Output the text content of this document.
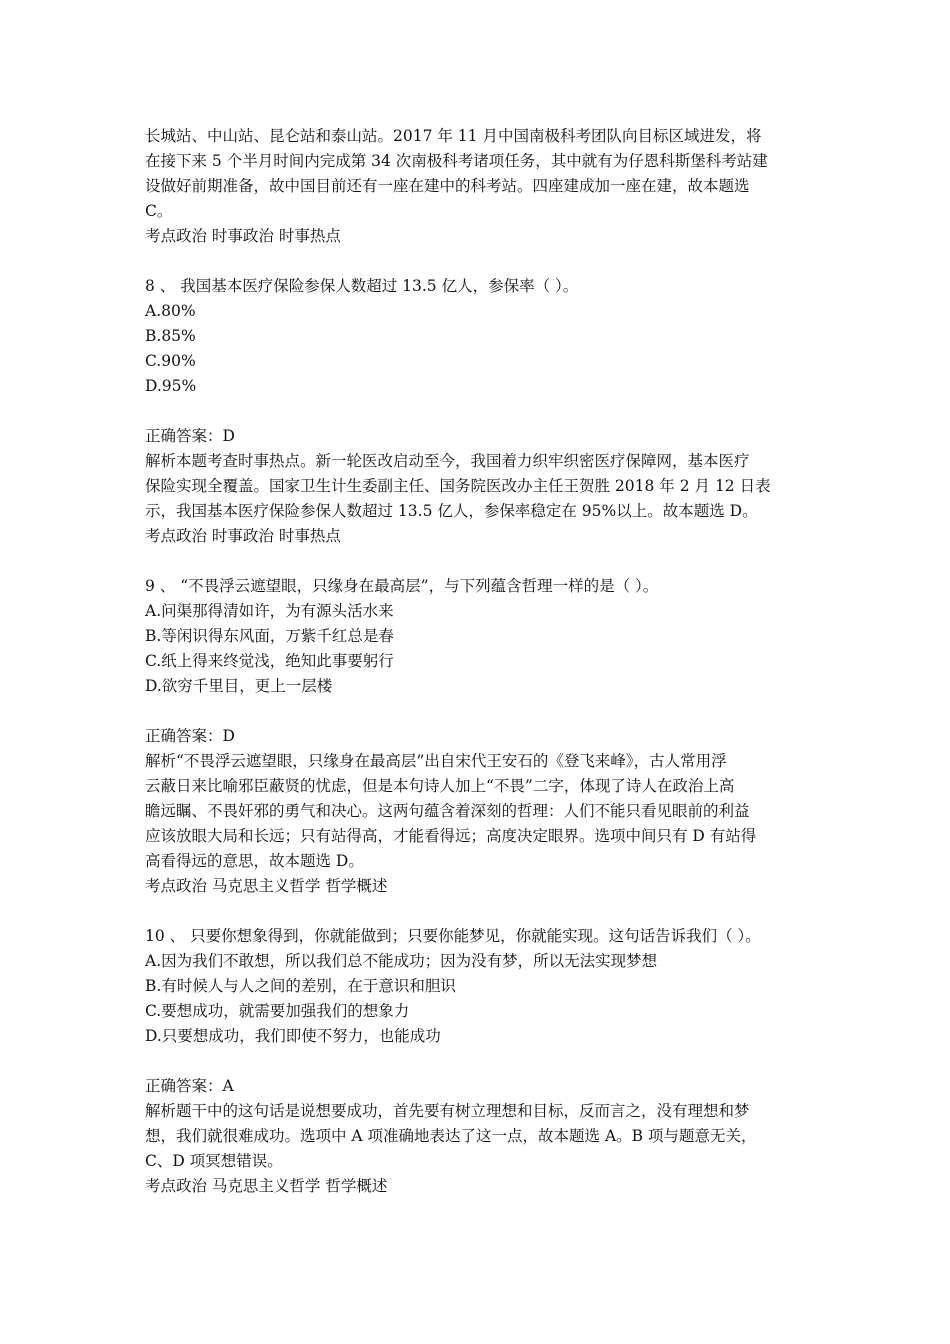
长城站、中山站、昆仑站和泰山站。2017 年 11 月中国南极科考团队向目标区域进发，将
在接下来 5 个半月时间内完成第 34 次南极科考诸项任务，其中就有为仔恩科斯堡科考站建
设做好前期准备，故中国目前还有一座在建中的科考站。四座建成加一座在建，故本题选
C。
考点政治 时事政治 时事热点
8 、 我国基本医疗保险参保人数超过 13.5 亿人，参保率（ ）。
A.80%
B.85%
C.90%
D.95%
正确答案：D
解析本题考查时事热点。新一轮医改启动至今，我国着力织牢织密医疗保障网，基本医疗
保险实现全覆盖。国家卫生计生委副主任、国务院医改办主任王贺胜 2018 年 2 月 12 日表
示，我国基本医疗保险参保人数超过 13.5 亿人，参保率稳定在 95%以上。故本题选 D。
考点政治 时事政治 时事热点
9 、 “不畏浮云遮望眼，只缘身在最高层”，与下列蕴含哲理一样的是（ ）。
A.问渠那得清如许，为有源头活水来
B.等闲识得东风面，万紫千红总是春
C.纸上得来终觉浅，绝知此事要躬行
D.欲穷千里目，更上一层楼
正确答案：D
解析“不畏浮云遮望眼，只缘身在最高层”出自宋代王安石的《登飞来峰》，古人常用浮
云蔽日来比喻邪臣蔽贤的忧虑，但是本句诗人加上“不畏”二字，体现了诗人在政治上高
瞻远瞩、不畏奸邪的勇气和决心。这两句蕴含着深刻的哲理：人们不能只看见眼前的利益
应该放眼大局和长远；只有站得高，才能看得远；高度决定眼界。选项中间只有 D 有站得
高看得远的意思，故本题选 D。
考点政治 马克思主义哲学 哲学概述
10 、 只要你想象得到，你就能做到；只要你能梦见，你就能实现。这句话告诉我们（ ）。
A.因为我们不敢想，所以我们总不能成功；因为没有梦，所以无法实现梦想
B.有时候人与人之间的差别，在于意识和胆识
C.要想成功，就需要加强我们的想象力
D.只要想成功，我们即使不努力，也能成功
正确答案：A
解析题干中的这句话是说想要成功，首先要有树立理想和目标，反而言之，没有理想和梦
想，我们就很难成功。选项中 A 项准确地表达了这一点，故本题选 A。B 项与题意无关，
C、D 项冥想错误。
考点政治 马克思主义哲学 哲学概述
